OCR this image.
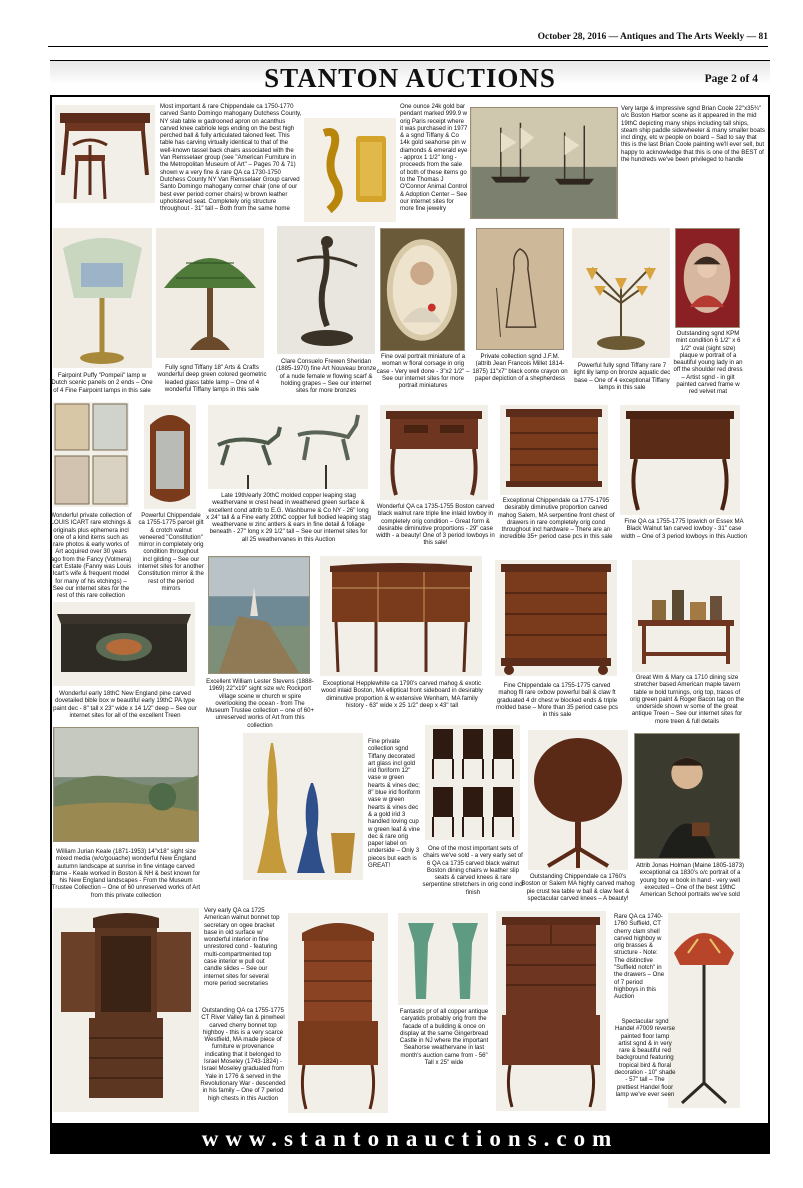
October 28, 2016 — Antiques and The Arts Weekly — 81
STANTON AUCTIONS	Page 2 of 4
Most important & rare Chippendale ca 1750-1770 carved Santo Domingo mahogany Dutchess County, NY slab table w gadrooned apron on acanthus carved knee cabriole legs ending on the best high perched ball & fully articulated taloned feet. This table has carving virtually identical to that of the well-known tassel back chairs associated with the Van Rensselaer group (see "American Furniture in the Metropolitan Museum of Art" – Pages 70 & 71) shown w a very fine & rare QA ca 1730-1750 Dutchess County NY Van Rensselaer Group carved Santo Domingo mahogany corner chair (one of our best ever period corner chairs) w brown leather upholstered seat. Completely orig structure throughout - 31" tall – Both from the same home
One ounce 24k gold bar pendant marked 999.9 w orig Paris receipt where it was purchased in 1977 & a sgnd Tiffany & Co 14k gold seahorse pin w diamonds & emerald eye - approx 1 1/2" long - proceeds from the sale of both of these items go to the Thomas J O'Connor Animal Control & Adoption Center – See our internet sites for more fine jewelry
Very large & impressive sgnd Brian Coole 22"x35¾" o/c Boston Harbor scene as it appeared in the mid 19thC depicting many ships including tall ships, steam ship paddle sidewheeler & many smaller boats incl dingy, etc w people on board – Sad to say that this is the last Brian Coole painting we'll ever sell, but happy to acknowledge that this is one of the BEST of the hundreds we've been privileged to handle
Fairpoint Puffy "Pompeii" lamp w Dutch scenic panels on 2 ends – One of 4 Fine Fairpoint lamps in this sale
Fully sgnd Tiffany 18" Arts & Crafts wonderful deep green colored geometric leaded glass table lamp – One of 4 wonderful Tiffany lamps in this sale
Clare Consuelo Frewen Sheridan (1885-1970) fine Art Nouveau bronze of a nude female w flowing scarf & holding grapes – See our internet sites for more bronzes
Fine oval portrait miniature of a woman w floral corsage in orig case - Very well done - 3"x2 1/2" – See our internet sites for more portrait miniatures
Private collection sgnd J.F.M. (attrib Jean Francois Millet 1814-1875) 11"x7" black conte crayon on paper depiction of a shepherdess
Powerful fully sgnd Tiffany rare 7 light lily lamp on bronze aquatic dec base – One of 4 exceptional Tiffany lamps in this sale
Outstanding sgnd KPM mint condition 6 1/2" x 6 1/2" oval (sight size) plaque w portrait of a beautiful young lady in an off the shoulder red dress – Artist sgnd - in gilt painted carved frame w red velvet mat
Wonderful private collection of LOUIS ICART rare etchings & originals plus ephemera incl one of a kind items such as rare photos & early works of Art acquired over 30 years ago from the Fancy (Volmera) Icart Estate (Fanny was Louis Icart's wife & frequent model for many of his etchings) – See our internet sites for the rest of this rare collection
Powerful Chippendale ca 1755-1775 parcel gilt & crotch walnut veneered "Constitution" mirror in completely orig condition throughout incl gilding – See our internet sites for another Constitution mirror & the rest of the period mirrors
Late 19th/early 20thC molded copper leaping stag weathervane w crest head in weathered green surface & excellent cond attrib to E.G. Washburne & Co NY - 26" long x 24" tall & a Fine early 20thC copper full bodied leaping stag weathervane w zinc antlers & ears in fine detail & foliage beneath - 27" long x 29 1/2" tall – See our internet sites for all 25 weathervanes in this Auction
Wonderful QA ca 1735-1755 Boston carved black walnut rare triple line inlaid lowboy in completely orig condition – Great form & desirable diminutive proportions - 29" case width - a beauty! One of 3 period lowboys in this sale!
Exceptional Chippendale ca 1775-1795 desirably diminutive proportion carved mahog Salem, MA serpentine front chest of drawers in rare completely orig cond throughout incl hardware – There are an incredible 35+ period case pcs in this sale
Fine QA ca 1755-1775 Ipswich or Essex MA Black Walnut fan carved lowboy - 31" case width – One of 3 period lowboys in this Auction
Wonderful early 18thC New England pine carved dovetailed bible box w beautiful early 19thC PA type paint dec - 8" tall x 23" wide x 14 1/2" deep – See our internet sites for all of the excellent Treen
Excellent William Lester Stevens (1888-1969) 22"x19" sight size w/c Rockport village scene w church w spire overlooking the ocean - from The Museum Trustee collection – one of 60+ unreserved works of Art from this collection
Exceptional Hepplewhite ca 1790's carved mahog & exotic wood inlaid Boston, MA elliptical front sideboard in desirably diminutive proportion & w extensive Wenham, MA family history - 63" wide x 25 1/2" deep x 43" tall
Fine Chippendale ca 1755-1775 carved mahog fll rare oxbow powerful ball & claw ft graduated 4 dr chest w blocked ends & triple molded base – More than 35 period case pcs in this sale
Great Wm & Mary ca 1710 dining size stretcher based American maple tavern table w bold turnings, orig top, traces of orig green paint & Roger Bacon tag on the underside shown w some of the great antique Treen – See our internet sites for more treen & full details
William Jurian Keale (1871-1953) 14"x18" sight size mixed media (w/c/gouache) wonderful New England autumn landscape at sunrise in fine vintage carved frame - Keale worked in Boston & NH & best known for his New England landscapes - From the Museum Trustee Collection – One of 60 unreserved works of Art from this private collection
Fine private collection sgnd Tiffany decorated art glass incl gold irid floriform 12" vase w green hearts & vines dec; 8" blue irid floriform vase w green hearts & vines dec & a gold irid 3 handled loving cup w green leaf & vine dec & rare orig paper label on underside – Only 3 pieces but each is GREAT!
One of the most important sets of chairs we've sold - a very early set of 6 QA ca 1735 carved black walnut Boston dining chairs w leather slip seats & carved knees & rare serpentine stretchers in orig cond incl finish
Outstanding Chippendale ca 1760's Boston or Salem MA highly carved mahog pie crust tea table w ball & claw feet & spectacular carved knees – A beauty!
Attrib Jonas Holman (Maine 1805-1873) exceptional ca 1830's o/c portrait of a young boy w book in hand - very well executed – One of the best 19thC American School portraits we've sold
Very early QA ca 1725 American walnut bonnet top secretary on ogee bracket base in old surface w/ wonderful interior in fine unrestored cond - featuring multi-compartmented top case interior w pull out candle slides – See our internet sites for several more period secretaries
Outstanding QA ca 1755-1775 CT River Valley fan & pinwheel carved cherry bonnet top highboy - this is a very scarce Westfield, MA made piece of furniture w provenance indicating that it belonged to Israel Moseley (1743-1824) - Israel Moseley graduated from Yale in 1776 & served in the Revolutionary War - descended in his family – One of 7 period high chests in this Auction
Fantastic pr of all copper antique caryatids probably orig from the facade of a building & once on display at the same Gingerbread Castle in NJ where the important Seahorse weathervane in last month's auction came from - 56" Tall x 25" wide
Rare QA ca 1740-1760 Suffield, CT cherry clam shell carved highboy w orig brasses & structure - Note: The distinctive "Suffield notch" in the drawers – One of 7 period highboys in this Auction
Spectacular sgnd Handel #7009 reverse painted floor lamp artist sgnd & in very rare & beautiful red background featuring tropical bird & floral decoration - 10" shade - 57" tall – The prettiest Handel floor lamp we've ever seen
www.stantonauctions.com
